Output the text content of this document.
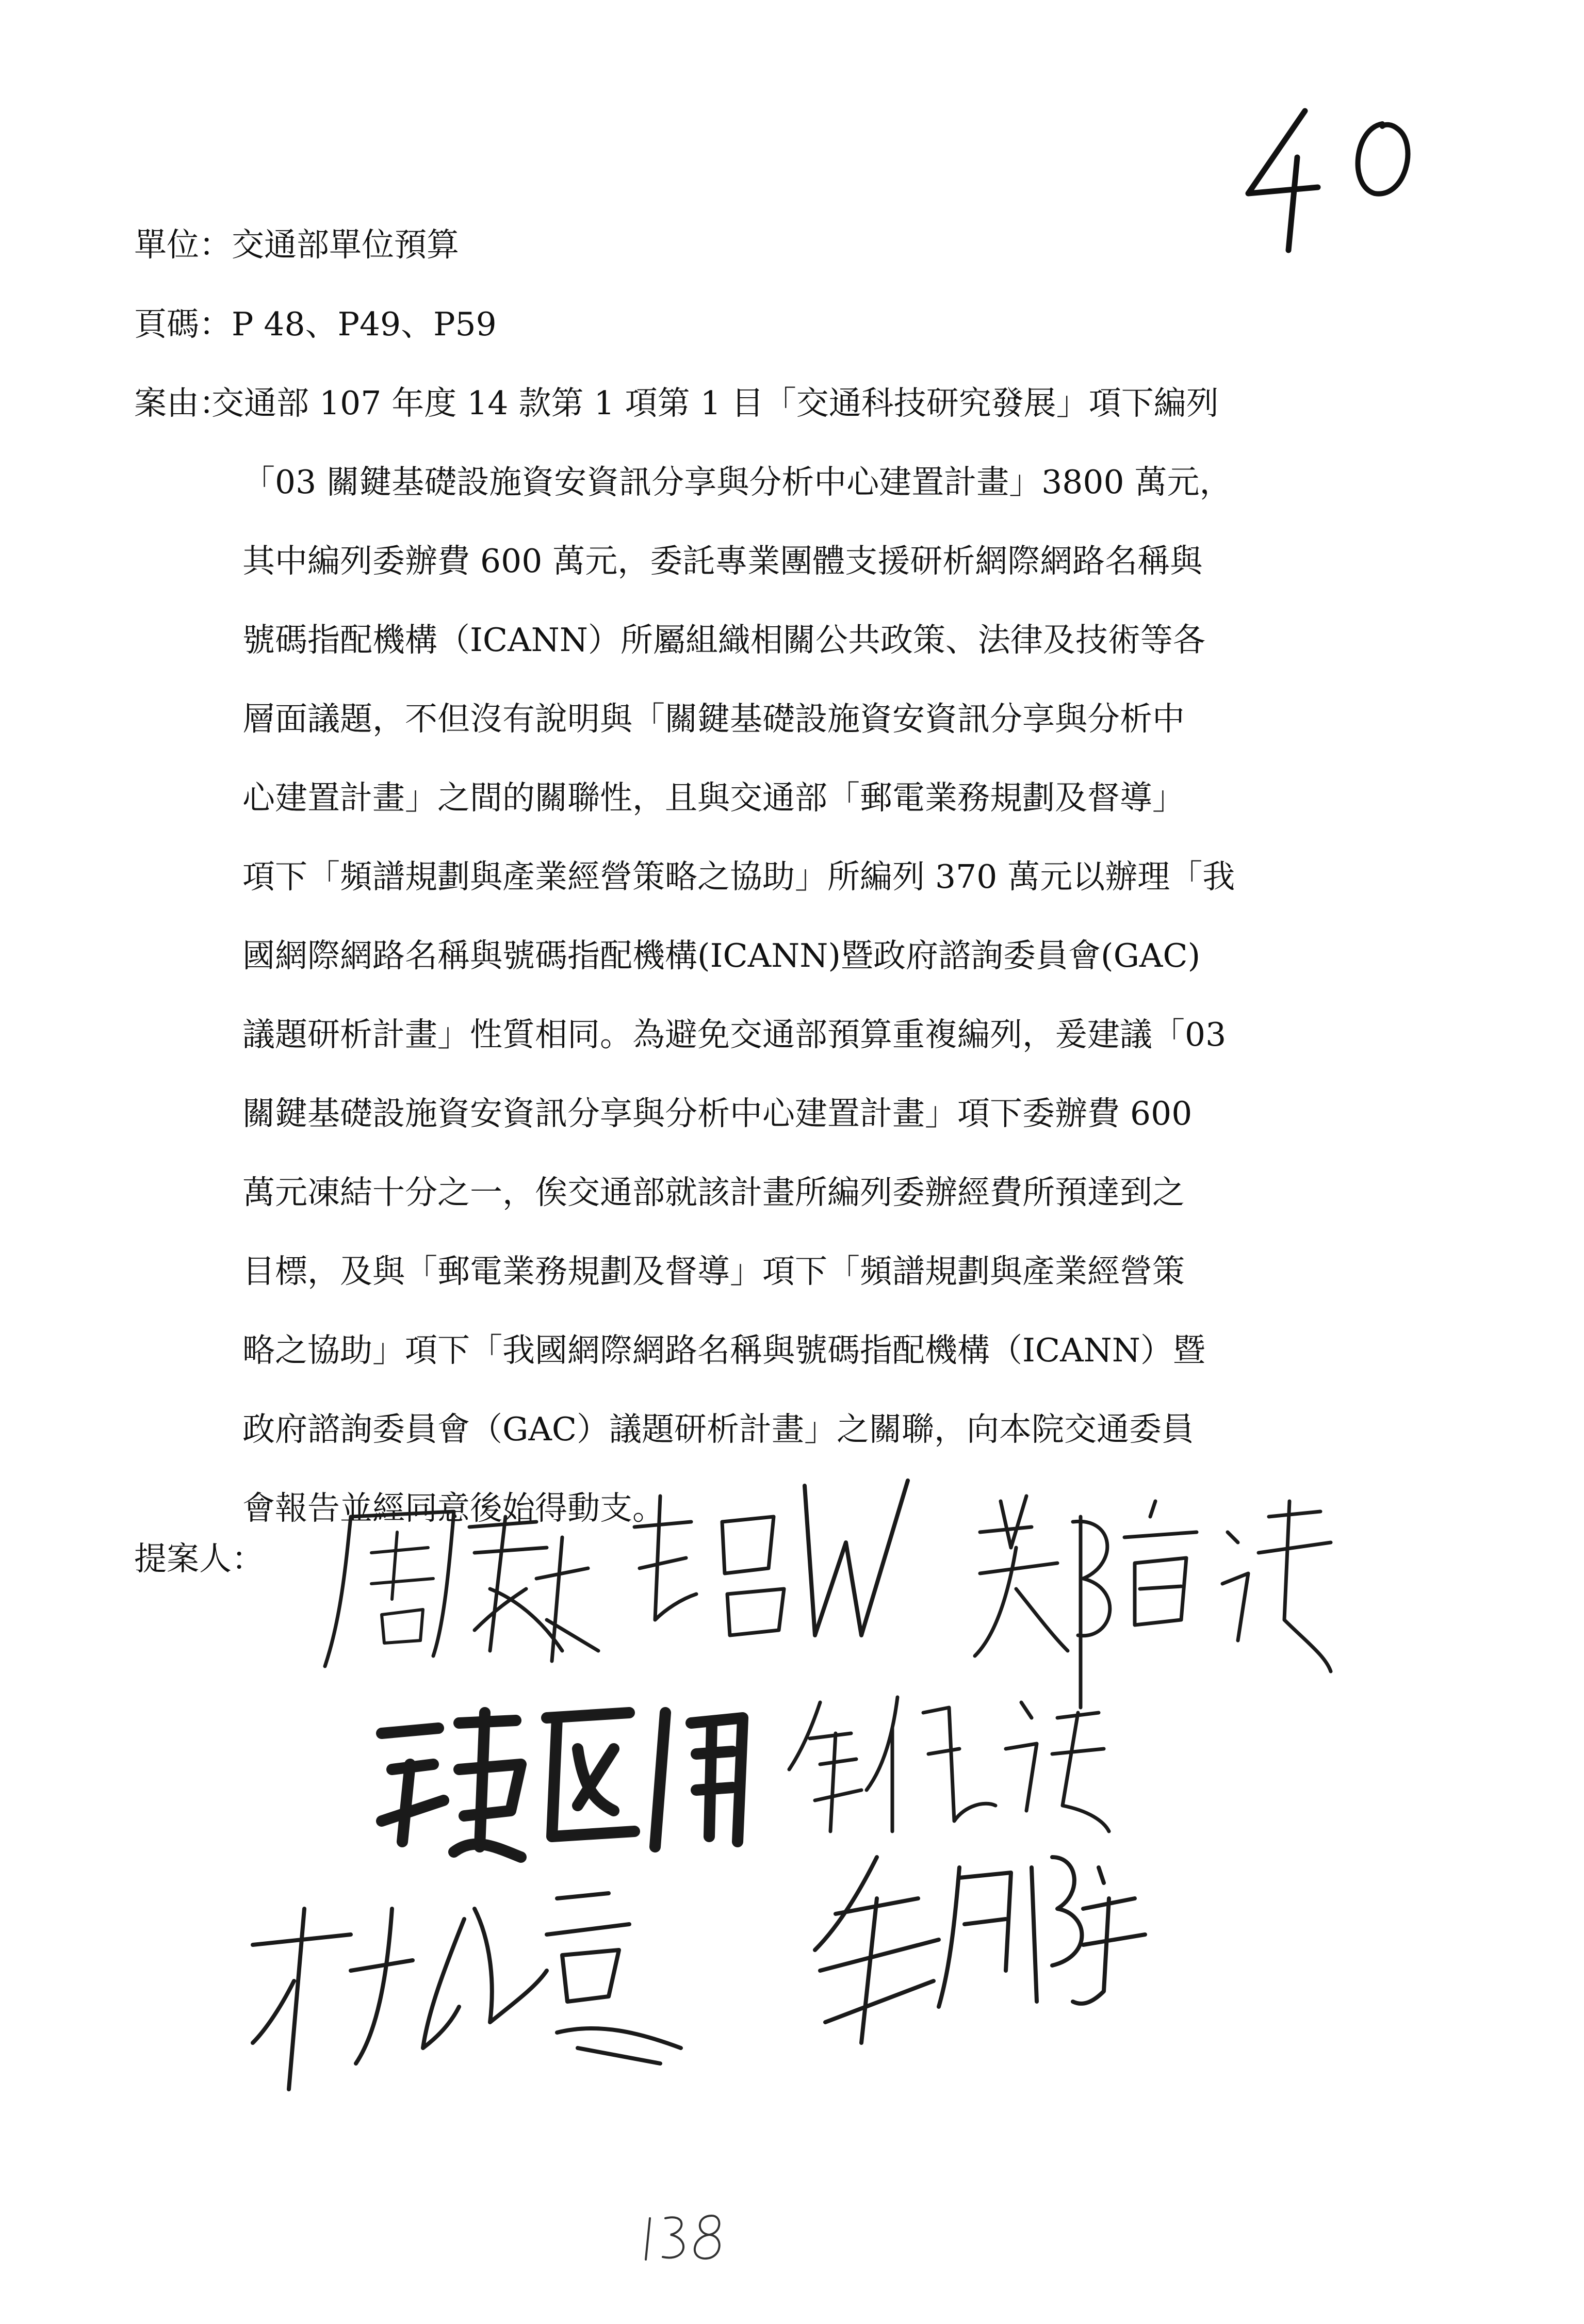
單位：交通部單位預算
頁碼：P 48、P49、P59
案由：
交通部 107 年度 14 款第 1 項第 1 目「交通科技研究發展」項下編列
「03 關鍵基礎設施資安資訊分享與分析中心建置計畫」3800 萬元，
其中編列委辦費 600 萬元，委託專業團體支援研析網際網路名稱與
號碼指配機構（ICANN）所屬組織相關公共政策、法律及技術等各
層面議題，不但沒有說明與「關鍵基礎設施資安資訊分享與分析中
心建置計畫」之間的關聯性，且與交通部「郵電業務規劃及督導」
項下「頻譜規劃與產業經營策略之協助」所編列 370 萬元以辦理「我
國網際網路名稱與號碼指配機構(ICANN)暨政府諮詢委員會(GAC)
議題研析計畫」性質相同。為避免交通部預算重複編列，爰建議「03
關鍵基礎設施資安資訊分享與分析中心建置計畫」項下委辦費 600
萬元凍結十分之一，俟交通部就該計畫所編列委辦經費所預達到之
目標，及與「郵電業務規劃及督導」項下「頻譜規劃與產業經營策
略之協助」項下「我國網際網路名稱與號碼指配機構（ICANN）暨
政府諮詢委員會（GAC）議題研析計畫」之關聯，向本院交通委員
會報告並經同意後始得動支。
提案人：
